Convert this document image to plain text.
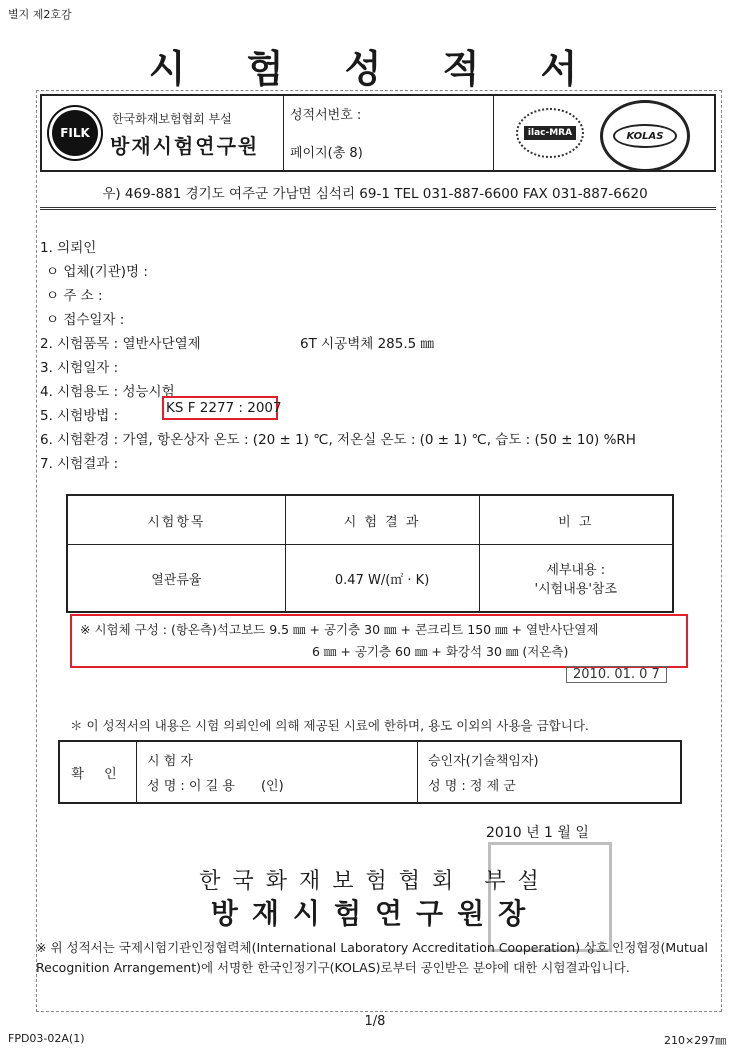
별지 제2호감
시 험 성 적 서
FILK
한국화재보험협회 부설
방재시험연구원
성적서번호 :
페이지(총 8)
ilac-MRA	KOLAS
우) 469-881 경기도 여주군 가남면 심석리 69-1 TEL 031-887-6600 FAX 031-887-6620
1. 의뢰인
ㅇ 업체(기관)명 :
ㅇ 주 소 :
ㅇ 접수일자 :
2. 시험품목 : 열반사단열제	6T 시공벽체 285.5 ㎜
3. 시험일자 :
4. 시험용도 : 성능시험
5. 시험방법 :	KS F 2277 : 2007
6. 시험환경 : 가열, 항온상자 온도 : (20 ± 1) ℃, 저온실 온도 : (0 ± 1) ℃, 습도 : (50 ± 10) %RH
7. 시험결과 :
시험항목	시 험 결 과	비 고
열관류율	0.47 W/(㎡ · K)	세부내용 :
'시험내용'참조
※ 시험체 구성 : (항온측)석고보드 9.5 ㎜ + 공기층 30 ㎜ + 콘크리트 150 ㎜ + 열반사단열제
6 ㎜ + 공기층 60 ㎜ + 화강석 30 ㎜ (저온측)
2010. 01. 0 7
＊ 이 성적서의 내용은 시험 의뢰인에 의해 제공된 시료에 한하며, 용도 이외의 사용을 금합니다.
확 인	
시 험 자
성 명 : 이 길 용 (인)

승인자(기술책임자)
성 명 : 정 제 군
2010 년 1 월 일
한국화재보험협회 부설
방재시험연구원장
※ 위 성적서는 국제시험기관인정협력체(International Laboratory Accreditation Cooperation) 상호 인정협정(Mutual Recognition Arrangement)에 서명한 한국인정기구(KOLAS)로부터 공인받은 분야에 대한 시험결과입니다.
1/8
FPD03-02A(1)	210×297㎜
